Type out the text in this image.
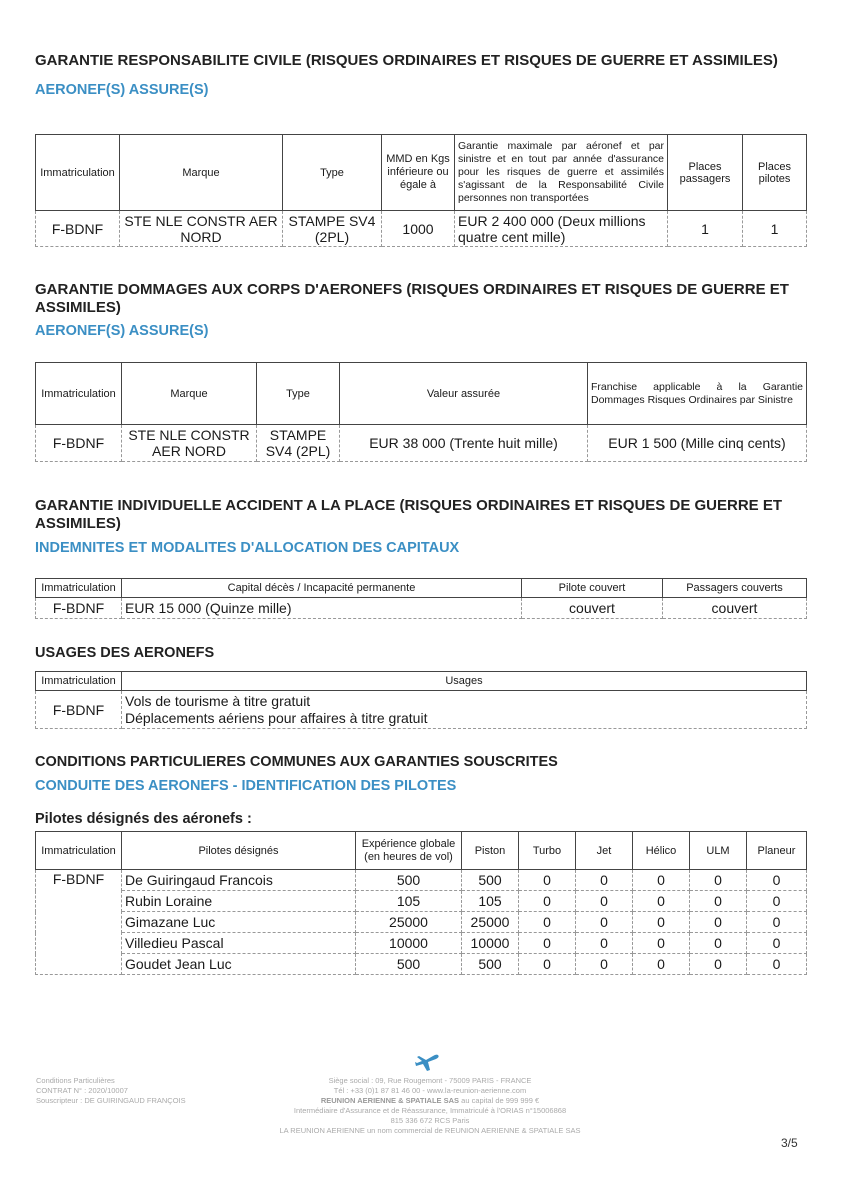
GARANTIE RESPONSABILITE CIVILE (RISQUES ORDINAIRES ET RISQUES DE GUERRE ET ASSIMILES)
AERONEF(S) ASSURE(S)
Immatriculation	Marque	Type	MMD en Kgs inférieure ou égale à	Garantie maximale par aéronef et par sinistre et en tout par année d'assurance pour les risques de guerre et assimilés s'agissant de la Responsabilité Civile personnes non transportées	Places passagers	Places pilotes
F-BDNF	STE NLE CONSTR AER NORD	STAMPE SV4 (2PL)	1000	EUR 2 400 000 (Deux millions quatre cent mille)	1	1
GARANTIE DOMMAGES AUX CORPS D'AERONEFS (RISQUES ORDINAIRES ET RISQUES DE GUERRE ET ASSIMILES)
AERONEF(S) ASSURE(S)
Immatriculation	Marque	Type	Valeur assurée	Franchise applicable à la Garantie Dommages Risques Ordinaires par Sinistre
F-BDNF	STE NLE CONSTR AER NORD	STAMPE SV4 (2PL)	EUR 38 000 (Trente huit mille)	EUR 1 500 (Mille cinq cents)
GARANTIE INDIVIDUELLE ACCIDENT A LA PLACE (RISQUES ORDINAIRES ET RISQUES DE GUERRE ET ASSIMILES)
INDEMNITES ET MODALITES D'ALLOCATION DES CAPITAUX
Immatriculation	Capital décès / Incapacité permanente	Pilote couvert	Passagers couverts
F-BDNF	EUR 15 000 (Quinze mille)	couvert	couvert
USAGES DES AERONEFS
Immatriculation	Usages
F-BDNF	Vols de tourisme à titre gratuit
Déplacements aériens pour affaires à titre gratuit
CONDITIONS PARTICULIERES COMMUNES AUX GARANTIES SOUSCRITES
CONDUITE DES AERONEFS - IDENTIFICATION DES PILOTES
Pilotes désignés des aéronefs :
Immatriculation	Pilotes désignés	Expérience globale (en heures de vol)	Piston	Turbo	Jet	Hélico	ULM	Planeur
F-BDNF	De Guiringaud Francois	500	500	0	0	0	0	0
	Rubin Loraine	105	105	0	0	0	0	0
	Gimazane Luc	25000	25000	0	0	0	0	0
	Villedieu Pascal	10000	10000	0	0	0	0	0
	Goudet Jean Luc	500	500	0	0	0	0	0
Conditions Particulières
CONTRAT N° : 2020/10007
Souscripteur : DE GUIRINGAUD FRANÇOIS
Siège social : 09, Rue Rougemont - 75009 PARIS - FRANCE
Tél : +33 (0)1 87 81 46 00 - www.la-reunion-aerienne.com
REUNION AERIENNE & SPATIALE SAS au capital de 999 999 €
Intermédiaire d'Assurance et de Réassurance, Immatriculé à l'ORIAS n°15006868
815 336 672 RCS Paris
LA REUNION AERIENNE un nom commercial de REUNION AERIENNE & SPATIALE SAS
3/5
